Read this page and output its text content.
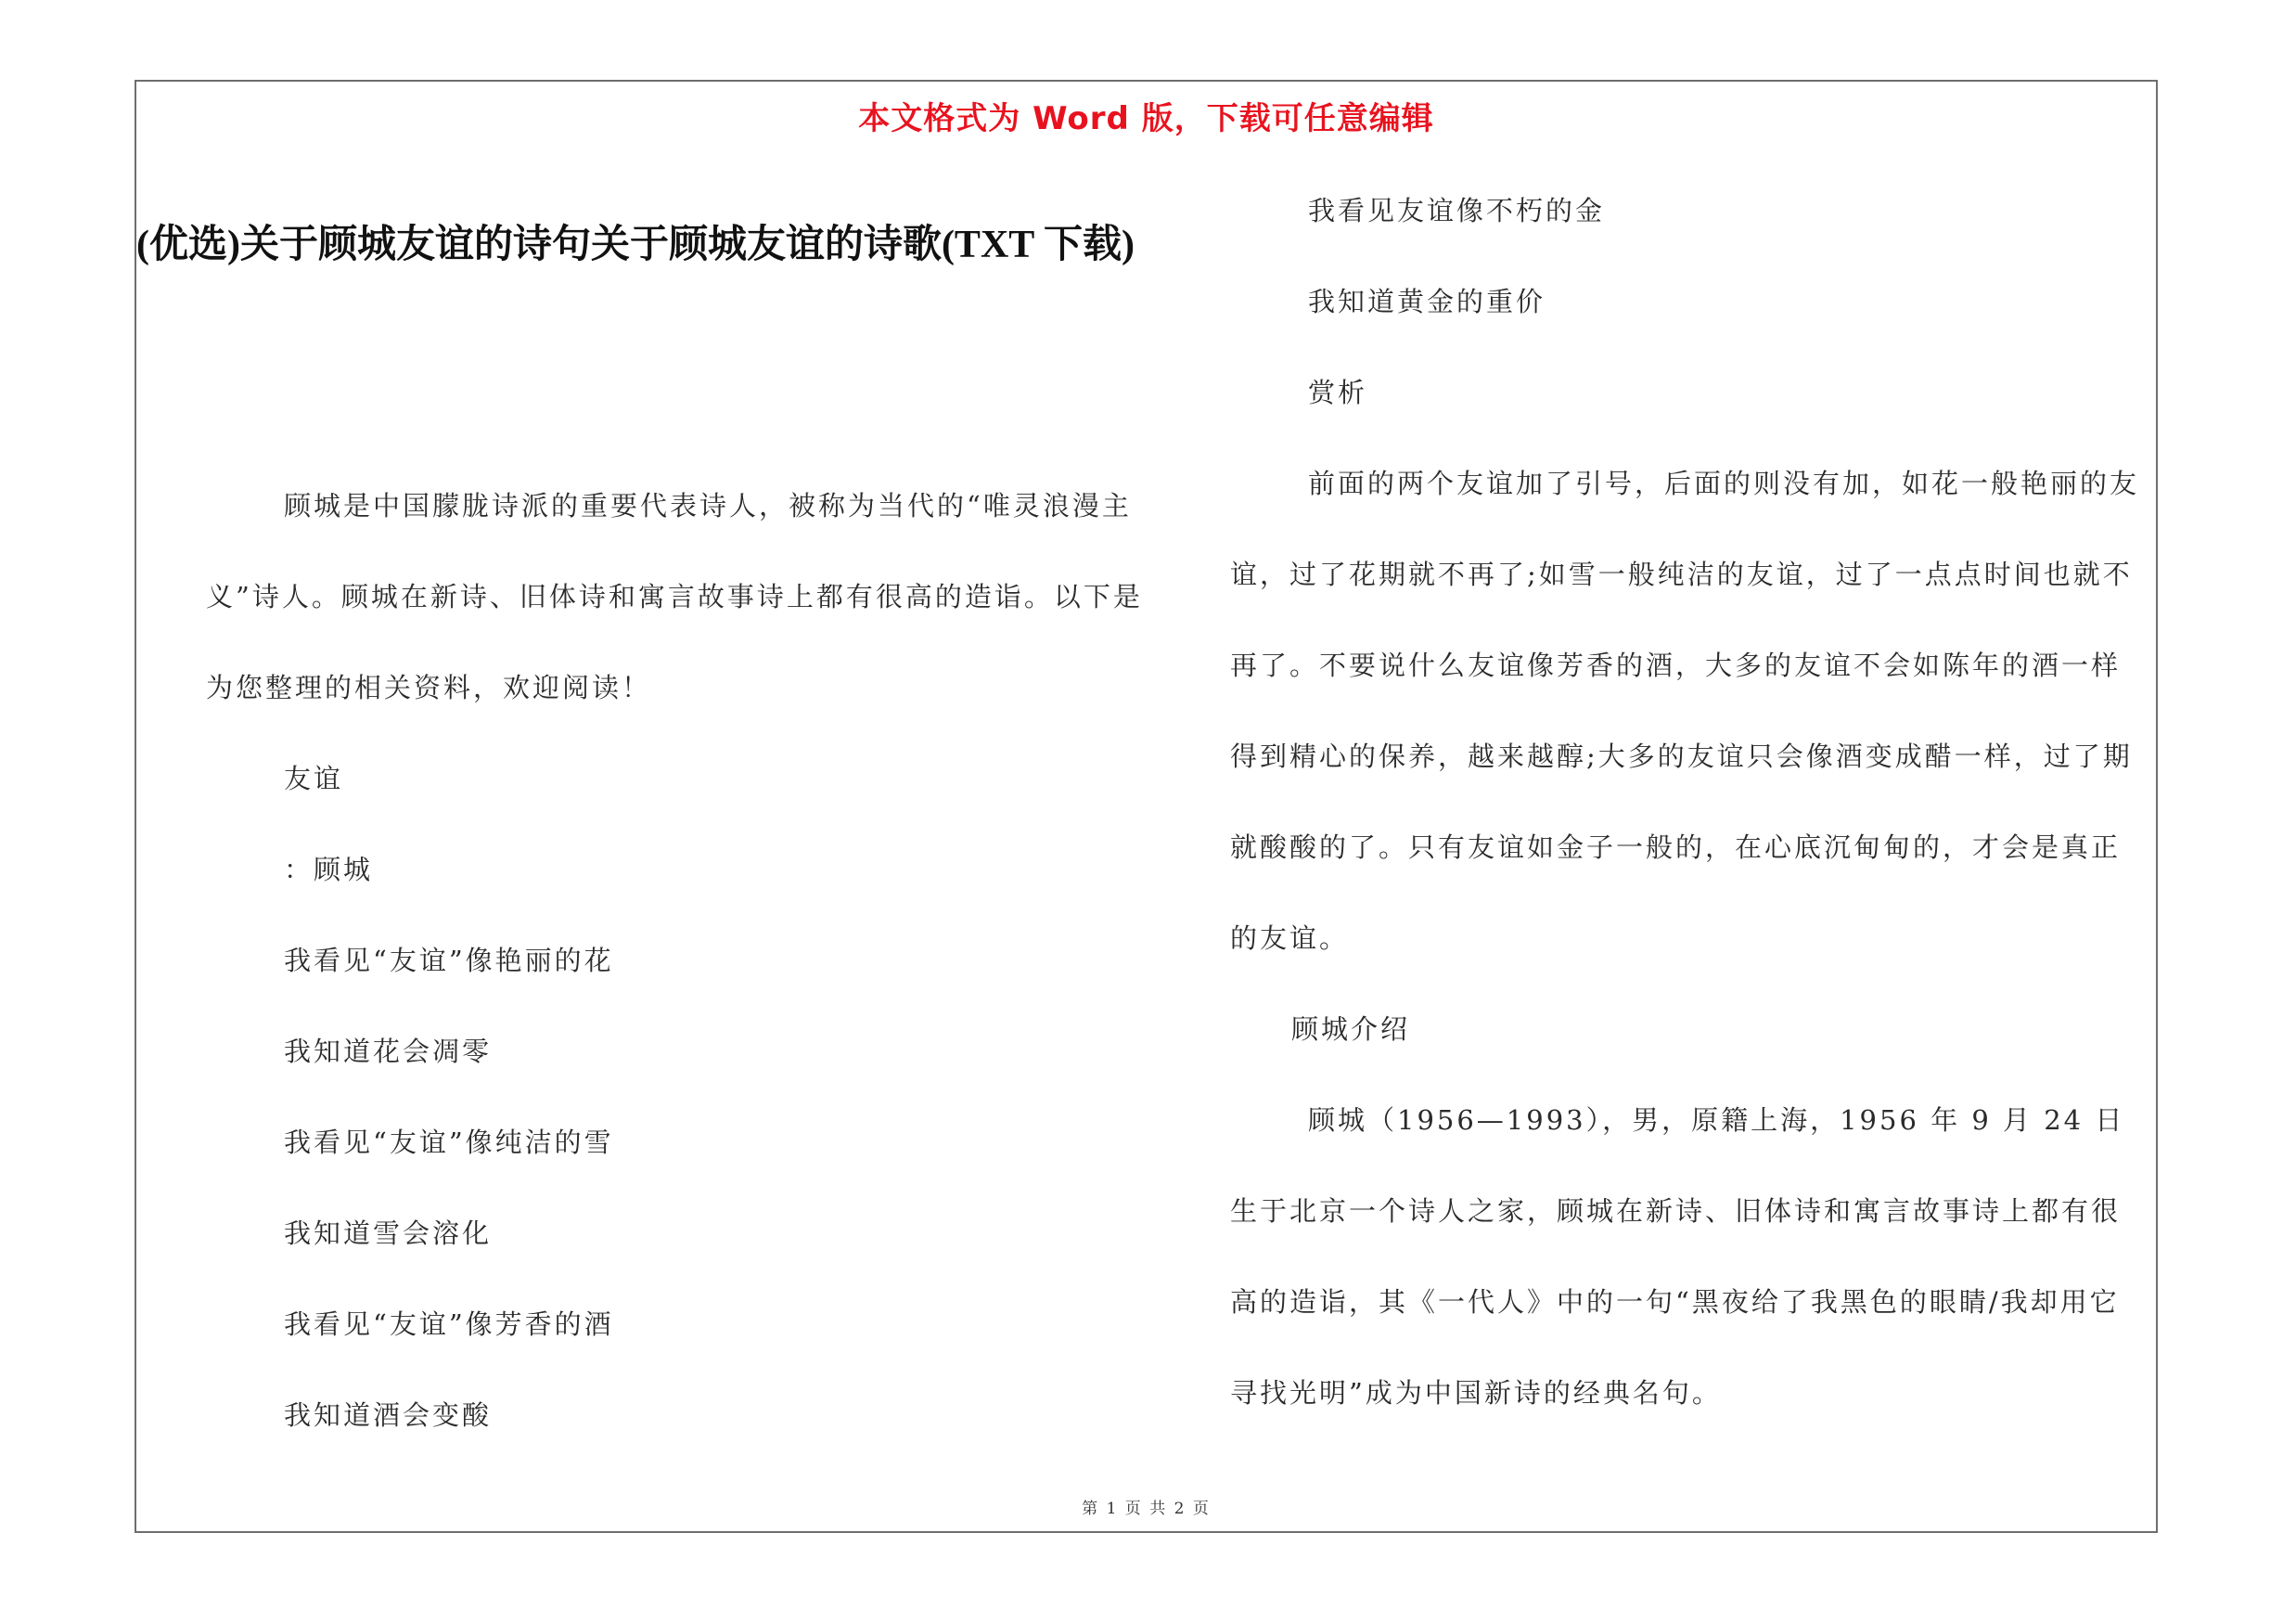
本文格式为 Word 版，下载可任意编辑
第 1 页 共 2 页
(优选)关于顾城友谊的诗句关于顾城友谊的诗歌(TXT 下载)

顾城是中国朦胧诗派的重要代表诗人，被称为当代的“唯灵浪漫主义”诗人。顾城在新诗、旧体诗和寓言故事诗上都有很高的造诣。以下是为您整理的相关资料，欢迎阅读！

友谊

：顾城

我看见“友谊”像艳丽的花

我知道花会凋零

我看见“友谊”像纯洁的雪

我知道雪会溶化

我看见“友谊”像芳香的酒

我知道酒会变酸

我看见友谊像不朽的金

我知道黄金的重价

赏析

前面的两个友谊加了引号，后面的则没有加，如花一般艳丽的友谊，过了花期就不再了;如雪一般纯洁的友谊，过了一点点时间也就不再了。不要说什么友谊像芳香的酒，大多的友谊不会如陈年的酒一样得到精心的保养，越来越醇;大多的友谊只会像酒变成醋一样，过了期就酸酸的了。只有友谊如金子一般的，在心底沉甸甸的，才会是真正的友谊。

顾城介绍

顾城（1956—1993），男，原籍上海，1956 年 9 月 24 日生于北京一个诗人之家，顾城在新诗、旧体诗和寓言故事诗上都有很高的造诣，其《一代人》中的一句“黑夜给了我黑色的眼睛/我却用它寻找光明”成为中国新诗的经典名句。
